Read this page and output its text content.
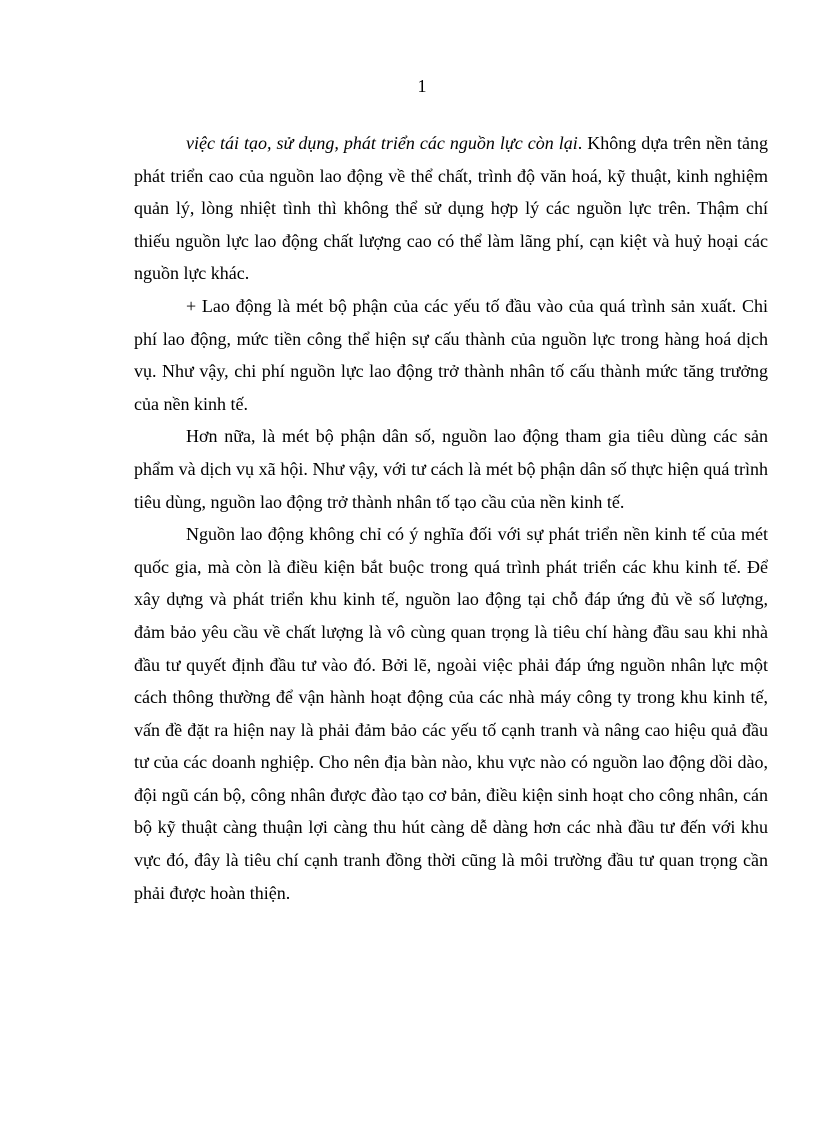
1

việc tái tạo, sử dụng, phát triển các nguồn lực còn lại. Không dựa trên nền tảng phát triển cao của nguồn lao động về thể chất, trình độ văn hoá, kỹ thuật, kinh nghiệm quản lý, lòng nhiệt tình thì không thể sử dụng hợp lý các nguồn lực trên. Thậm chí thiếu nguồn lực lao động chất lượng cao có thể làm lãng phí, cạn kiệt và huỷ hoại các nguồn lực khác.

+ Lao động là mét bộ phận của các yếu tố đầu vào của quá trình sản xuất. Chi phí lao động, mức tiền công thể hiện sự cấu thành của nguồn lực trong hàng hoá dịch vụ. Như vậy, chi phí nguồn lực lao động trở thành nhân tố cấu thành mức tăng trưởng của nền kinh tế.

Hơn nữa, là mét bộ phận dân số, nguồn lao động tham gia tiêu dùng các sản phẩm và dịch vụ xã hội. Như vậy, với tư cách là mét bộ phận dân số thực hiện quá trình tiêu dùng, nguồn lao động trở thành nhân tố tạo cầu của nền kinh tế.

Nguồn lao động không chỉ có ý nghĩa đối với sự phát triển nền kinh tế của mét quốc gia, mà còn là điều kiện bắt buộc trong quá trình phát triển các khu kinh tế. Để xây dựng và phát triển khu kinh tế, nguồn lao động tại chỗ đáp ứng đủ về số lượng, đảm bảo yêu cầu về chất lượng là vô cùng quan trọng là tiêu chí hàng đầu sau khi nhà đầu tư quyết định đầu tư vào đó. Bởi lẽ, ngoài việc phải đáp ứng nguồn nhân lực một cách thông thường để vận hành hoạt động của các nhà máy công ty trong khu kinh tế, vấn đề đặt ra hiện nay là phải đảm bảo các yếu tố cạnh tranh và nâng cao hiệu quả đầu tư của các doanh nghiệp. Cho nên địa bàn nào, khu vực nào có nguồn lao động dồi dào, đội ngũ cán bộ, công nhân được đào tạo cơ bản, điều kiện sinh hoạt cho công nhân, cán bộ kỹ thuật càng thuận lợi càng thu hút càng dễ dàng hơn các nhà đầu tư đến với khu vực đó, đây là tiêu chí cạnh tranh đồng thời cũng là môi trường đầu tư quan trọng cần phải được hoàn thiện.
